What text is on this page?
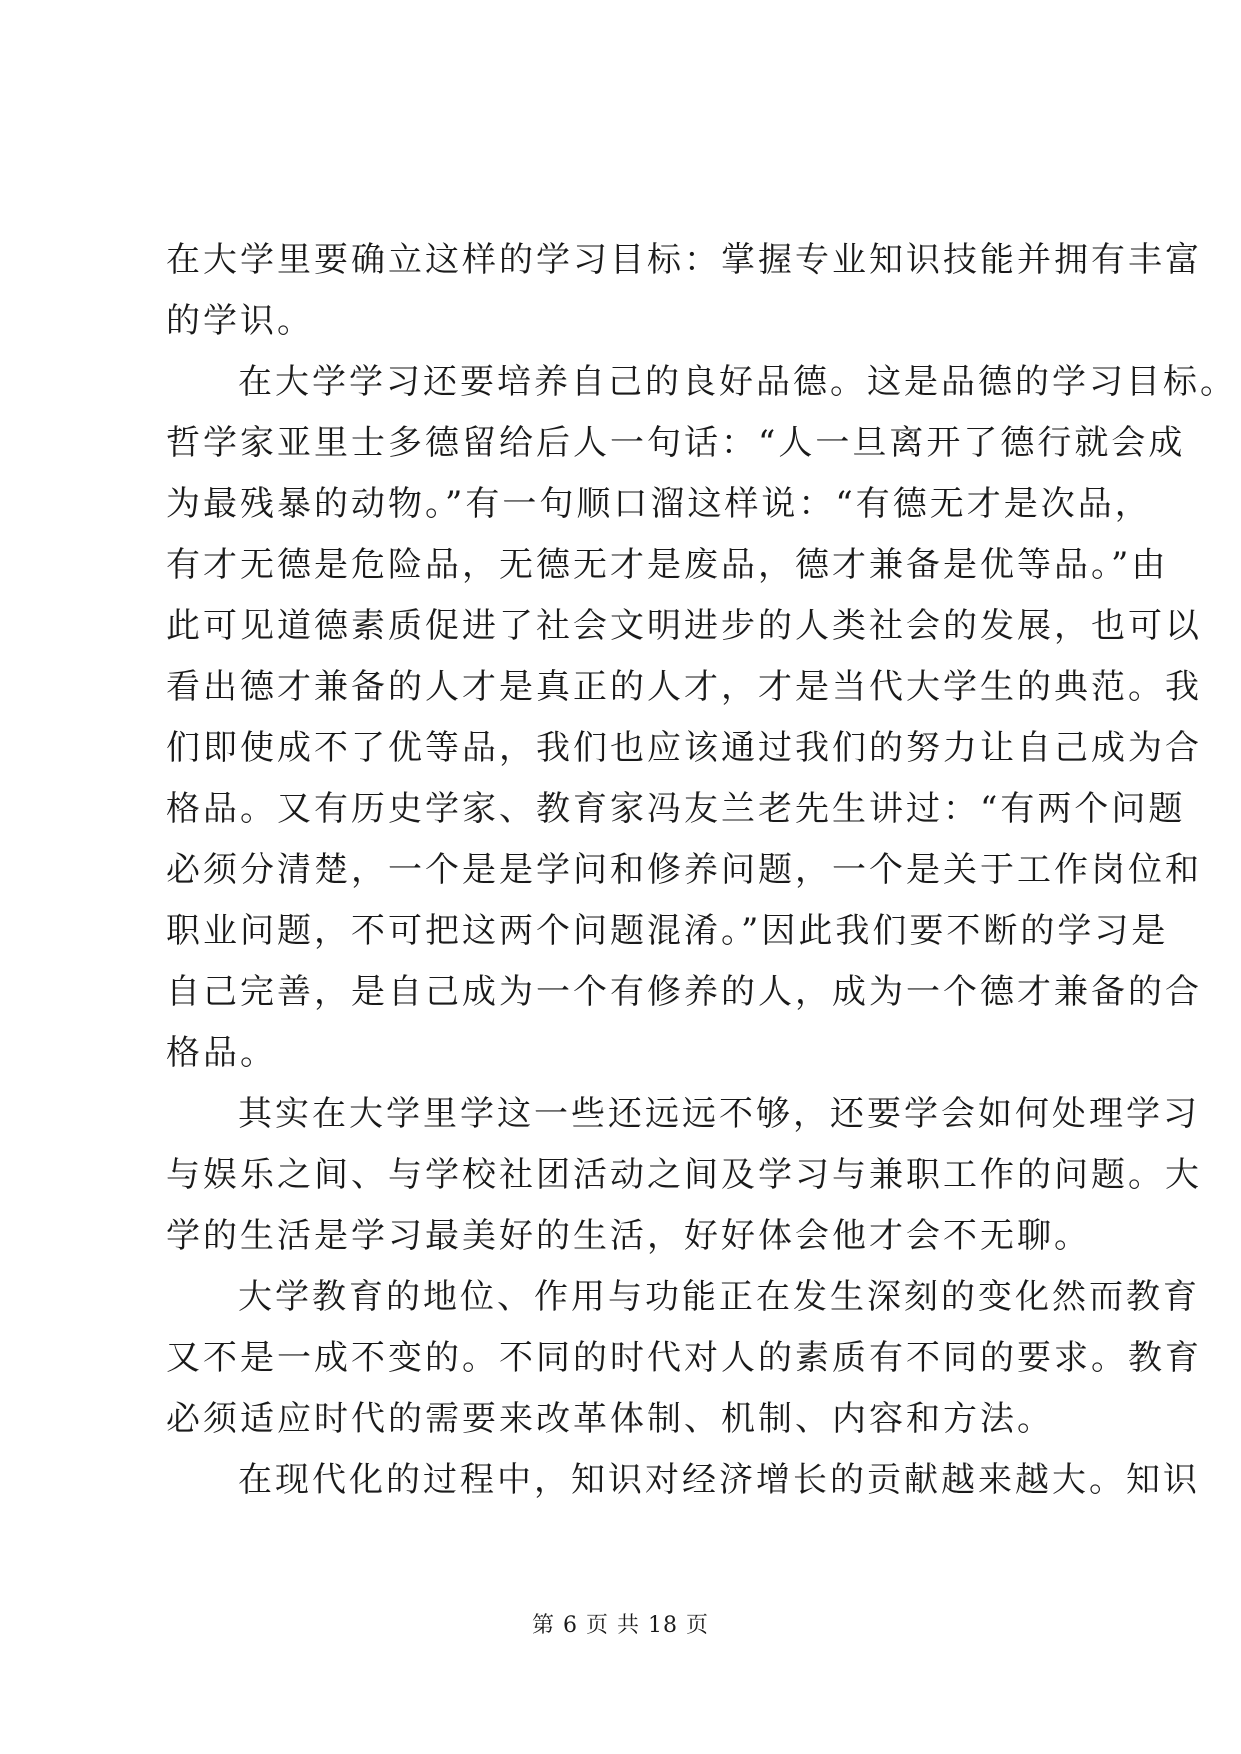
在大学里要确立这样的学习目标：掌握专业知识技能并拥有丰富
的学识。
在大学学习还要培养自己的良好品德。这是品德的学习目标。
哲学家亚里士多德留给后人一句话：“人一旦离开了德行就会成
为最残暴的动物。”有一句顺口溜这样说：“有德无才是次品，
有才无德是危险品，无德无才是废品，德才兼备是优等品。”由
此可见道德素质促进了社会文明进步的人类社会的发展，也可以
看出德才兼备的人才是真正的人才，才是当代大学生的典范。我
们即使成不了优等品，我们也应该通过我们的努力让自己成为合
格品。又有历史学家、教育家冯友兰老先生讲过：“有两个问题
必须分清楚，一个是是学问和修养问题，一个是关于工作岗位和
职业问题，不可把这两个问题混淆。”因此我们要不断的学习是
自己完善，是自己成为一个有修养的人，成为一个德才兼备的合
格品。
其实在大学里学这一些还远远不够，还要学会如何处理学习
与娱乐之间、与学校社团活动之间及学习与兼职工作的问题。大
学的生活是学习最美好的生活，好好体会他才会不无聊。
大学教育的地位、作用与功能正在发生深刻的变化然而教育
又不是一成不变的。不同的时代对人的素质有不同的要求。教育
必须适应时代的需要来改革体制、机制、内容和方法。
在现代化的过程中，知识对经济增长的贡献越来越大。知识
第 6 页 共 18 页
